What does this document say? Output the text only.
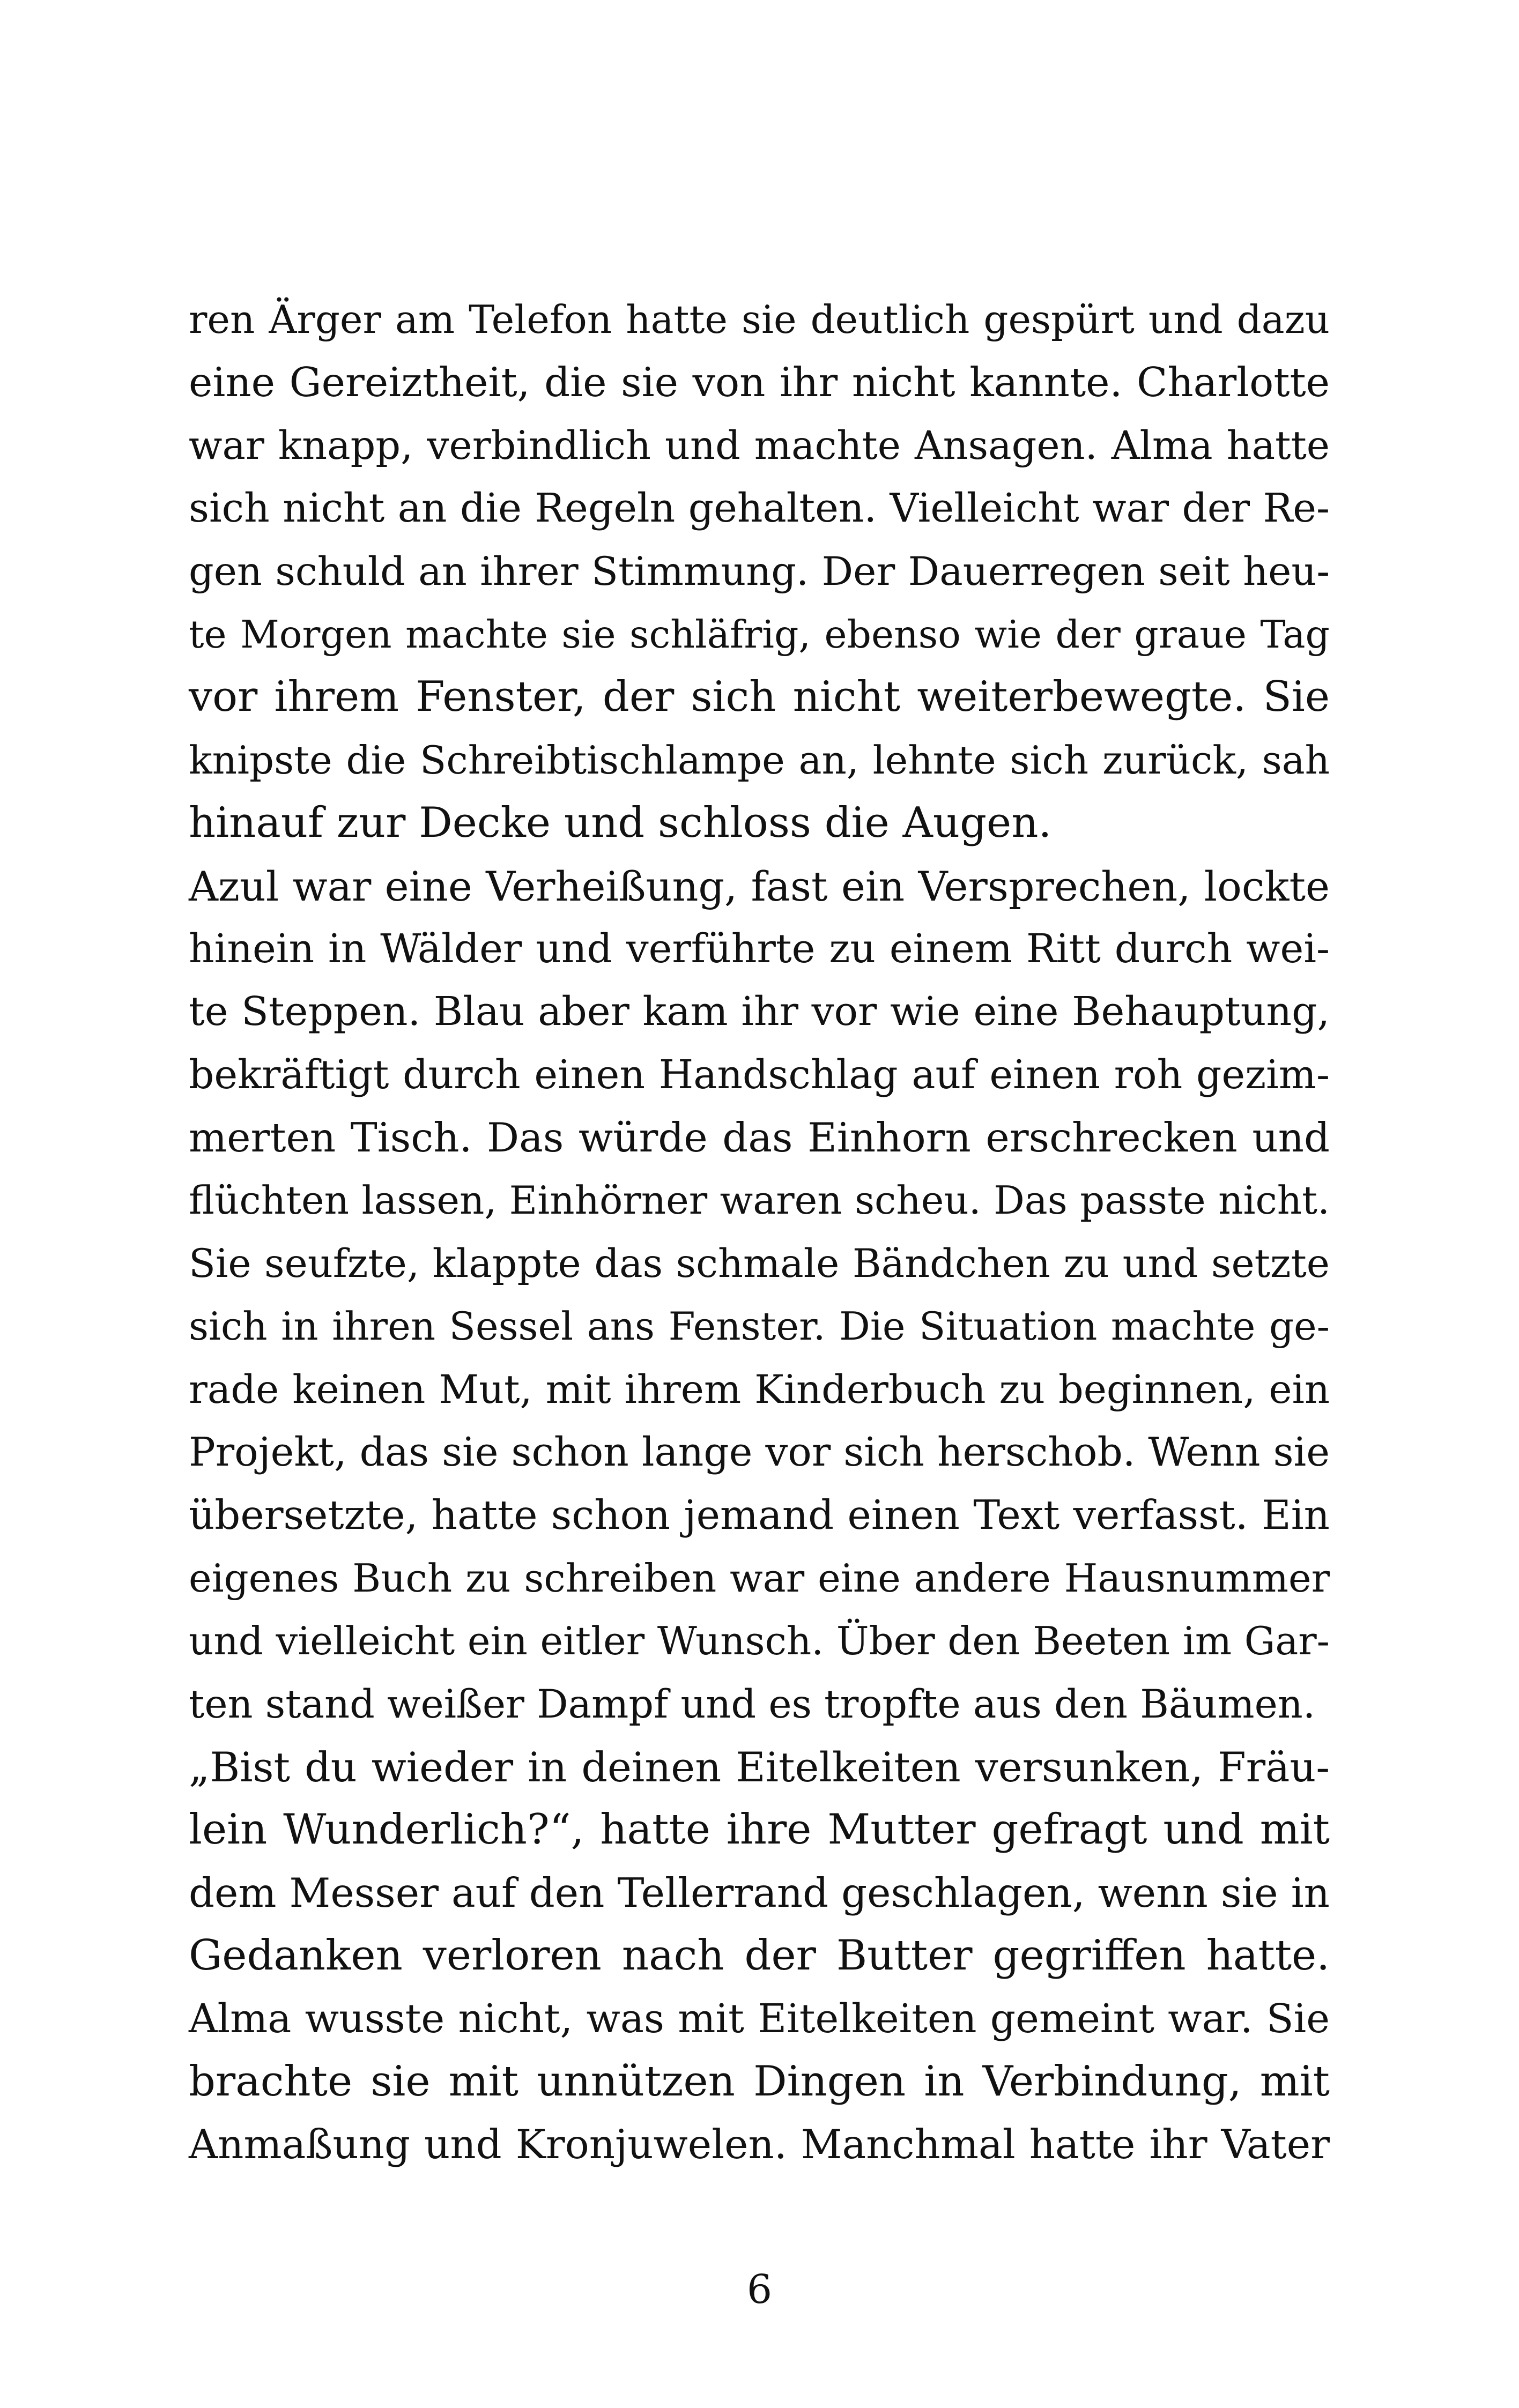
ren Ärger am Telefon hatte sie deutlich gespürt und dazu
eine Gereiztheit, die sie von ihr nicht kannte. Charlotte
war knapp, verbindlich und machte Ansagen. Alma hatte
sich nicht an die Regeln gehalten. Vielleicht war der Re-
gen schuld an ihrer Stimmung. Der Dauerregen seit heu-
te Morgen machte sie schläfrig, ebenso wie der graue Tag
vor ihrem Fenster, der sich nicht weiterbewegte. Sie
knipste die Schreibtischlampe an, lehnte sich zurück, sah
hinauf zur Decke und schloss die Augen.
Azul war eine Verheißung, fast ein Versprechen, lockte
hinein in Wälder und verführte zu einem Ritt durch wei-
te Steppen. Blau aber kam ihr vor wie eine Behauptung,
bekräftigt durch einen Handschlag auf einen roh gezim-
merten Tisch. Das würde das Einhorn erschrecken und
flüchten lassen, Einhörner waren scheu. Das passte nicht.
Sie seufzte, klappte das schmale Bändchen zu und setzte
sich in ihren Sessel ans Fenster. Die Situation machte ge-
rade keinen Mut, mit ihrem Kinderbuch zu beginnen, ein
Projekt, das sie schon lange vor sich herschob. Wenn sie
übersetzte, hatte schon jemand einen Text verfasst. Ein
eigenes Buch zu schreiben war eine andere Hausnummer
und vielleicht ein eitler Wunsch. Über den Beeten im Gar-
ten stand weißer Dampf und es tropfte aus den Bäumen.
„Bist du wieder in deinen Eitelkeiten versunken, Fräu-
lein Wunderlich?“, hatte ihre Mutter gefragt und mit
dem Messer auf den Tellerrand geschlagen, wenn sie in
Gedanken verloren nach der Butter gegriffen hatte.
Alma wusste nicht, was mit Eitelkeiten gemeint war. Sie
brachte sie mit unnützen Dingen in Verbindung, mit
Anmaßung und Kronjuwelen. Manchmal hatte ihr Vater
6
